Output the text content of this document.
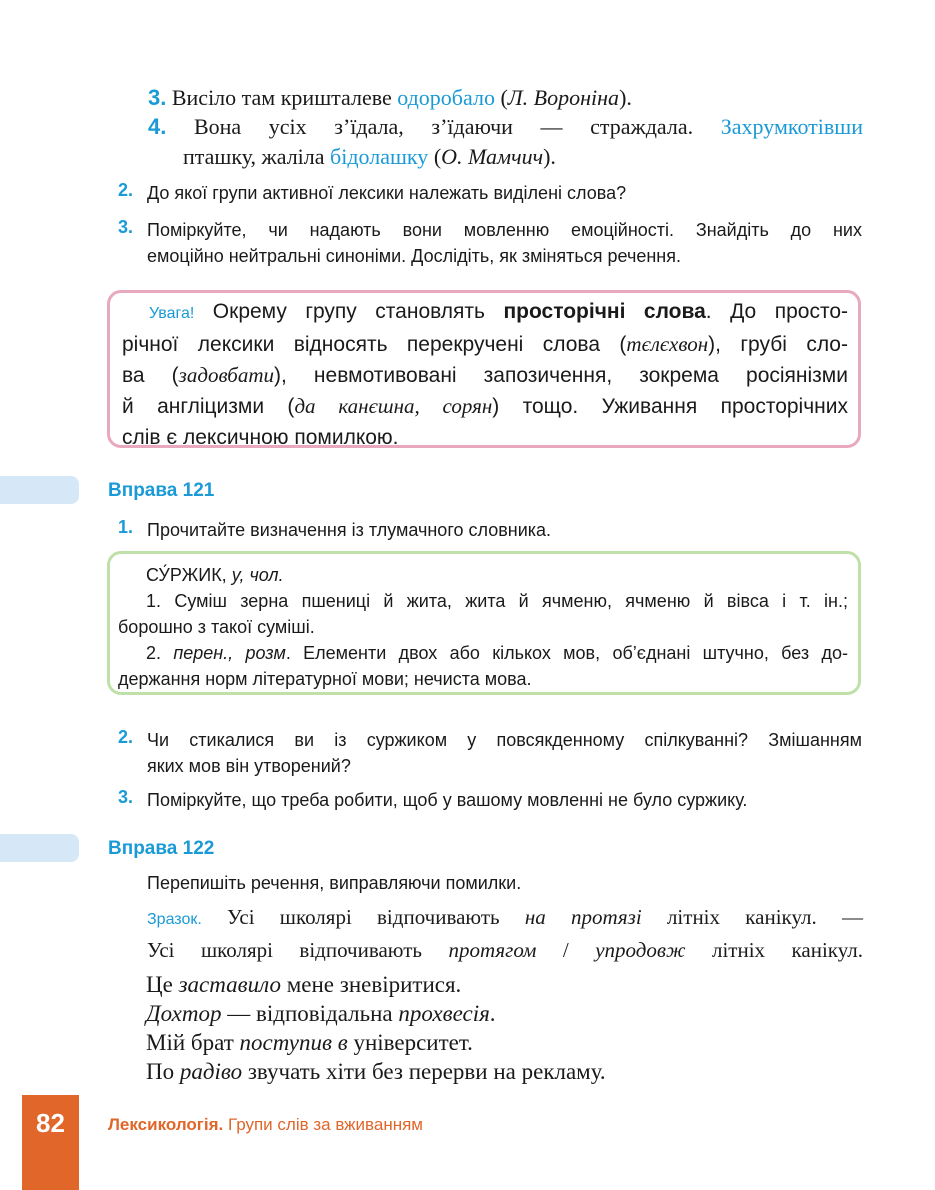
3. Висіло там кришталеве одоробало (Л. Вороніна).
4. Вона усіх з’їдала, з’їдаючи — страждала. Захрумкотівши
пташку, жаліла бідолашку (О. Мамчич).
2. До якої групи активної лексики належать виділені слова?
3. Поміркуйте, чи надають вони мовленню емоційності. Знайдіть до них
емоційно нейтральні синоніми. Дослідіть, як зміняться речення.
Увага! Окрему групу становлять просторічні слова. До просто-
річної лексики відносять перекручені слова (тєлєхвон), грубі сло-
ва (задовбати), невмотивовані запозичення, зокрема росіянізми
й англіцизми (да канєшна, сорян) тощо. Уживання просторічних
слів є лексичною помилкою.
Вправа 121
1. Прочитайте визначення із тлумачного словника.
СУ́РЖИК, у, чол.
1. Суміш зерна пшениці й жита, жита й ячменю, ячменю й вівса і т. ін.;
борошно з такої суміші.
2. перен., розм. Елементи двох або кількох мов, об’єднані штучно, без до-
держання норм літературної мови; нечиста мова.
2. Чи стикалися ви із суржиком у повсякденному спілкуванні? Змішанням
яких мов він утворений?
3. Поміркуйте, що треба робити, щоб у вашому мовленні не було суржику.
Вправа 122
Перепишіть речення, виправляючи помилки.
Зразок. Усі школярі відпочивають на протязі літніх канікул. —
Усі школярі відпочивають протягом / упродовж літніх канікул.
Це заставило мене зневіритися.
Дохтор — відповідальна прохвесія.
Мій брат поступив в університет.
По радіво звучать хіти без перерви на рекламу.
82	Лексикологія. Групи слів за вживанням
